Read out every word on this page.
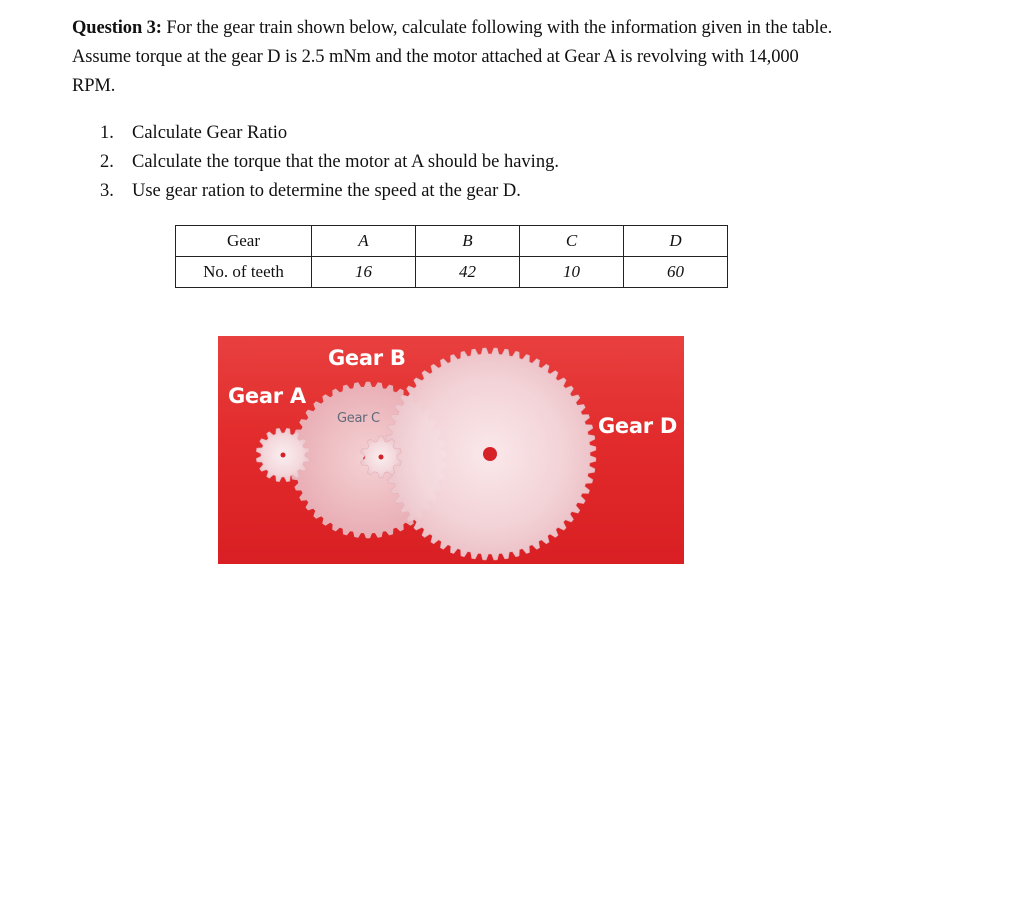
Question 3: For the gear train shown below, calculate following with the information given in the table. Assume torque at the gear D is 2.5 mNm and the motor attached at Gear A is revolving with 14,000 RPM.
1. Calculate Gear Ratio
2. Calculate the torque that the motor at A should be having.
3. Use gear ration to determine the speed at the gear D.
Gear	A	B	C	D
No. of teeth	16	42	10	60
Gear A
Gear B
Gear C	Gear D
